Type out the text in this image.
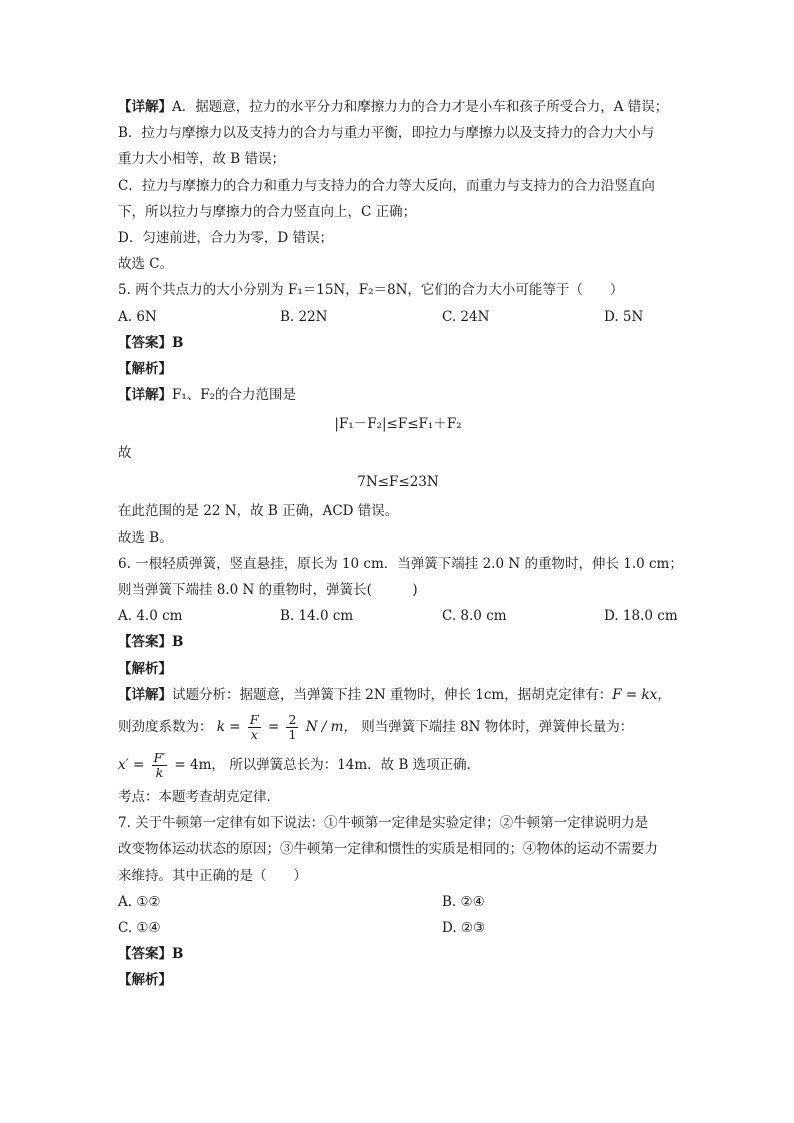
【详解】A．据题意，拉力的水平分力和摩擦力力的合力才是小车和孩子所受合力，A 错误；
B．拉力与摩擦力以及支持力的合力与重力平衡，即拉力与摩擦力以及支持力的合力大小与
重力大小相等，故 B 错误；
C．拉力与摩擦力的合力和重力与支持力的合力等大反向，而重力与支持力的合力沿竖直向
下，所以拉力与摩擦力的合力竖直向上，C 正确；
D．匀速前进，合力为零，D 错误；
故选 C。
5. 两个共点力的大小分别为 F₁＝15N，F₂＝8N，它们的合力大小可能等于（　　）
A. 6N	B. 22N	C. 24N	D. 5N
【答案】B
【解析】
【详解】F₁、F₂的合力范围是
|F₁－F₂|≤F≤F₁＋F₂
故
7N≤F≤23N
在此范围的是 22 N，故 B 正确，ACD 错误。
故选 B。
6. 一根轻质弹簧，竖直悬挂，原长为 10 cm．当弹簧下端挂 2.0 N 的重物时，伸长 1.0 cm；
则当弹簧下端挂 8.0 N 的重物时，弹簧长(　　　)
A. 4.0 cm	B. 14.0 cm	C. 8.0 cm	D. 18.0 cm
【答案】B
【解析】
【详解】试题分析：据题意，当弹簧下挂 2N 重物时，伸长 1cm，据胡克定律有：F = kx，
则劲度系数为： $k = \frac{F}{x} = \frac{2}{1}$ N / m， 则当弹簧下端挂 8N 物体时，弹簧伸长量为：
$x' = \frac{F'}{k} = 4m$， 所以弹簧总长为：14m．故 B 选项正确．
考点：本题考查胡克定律．
7. 关于牛顿第一定律有如下说法：①牛顿第一定律是实验定律；②牛顿第一定律说明力是
改变物体运动状态的原因；③牛顿第一定律和惯性的实质是相同的；④物体的运动不需要力
来维持。其中正确的是（　　）
A. ①②	B. ②④
C. ①④	D. ②③
【答案】B
【解析】
